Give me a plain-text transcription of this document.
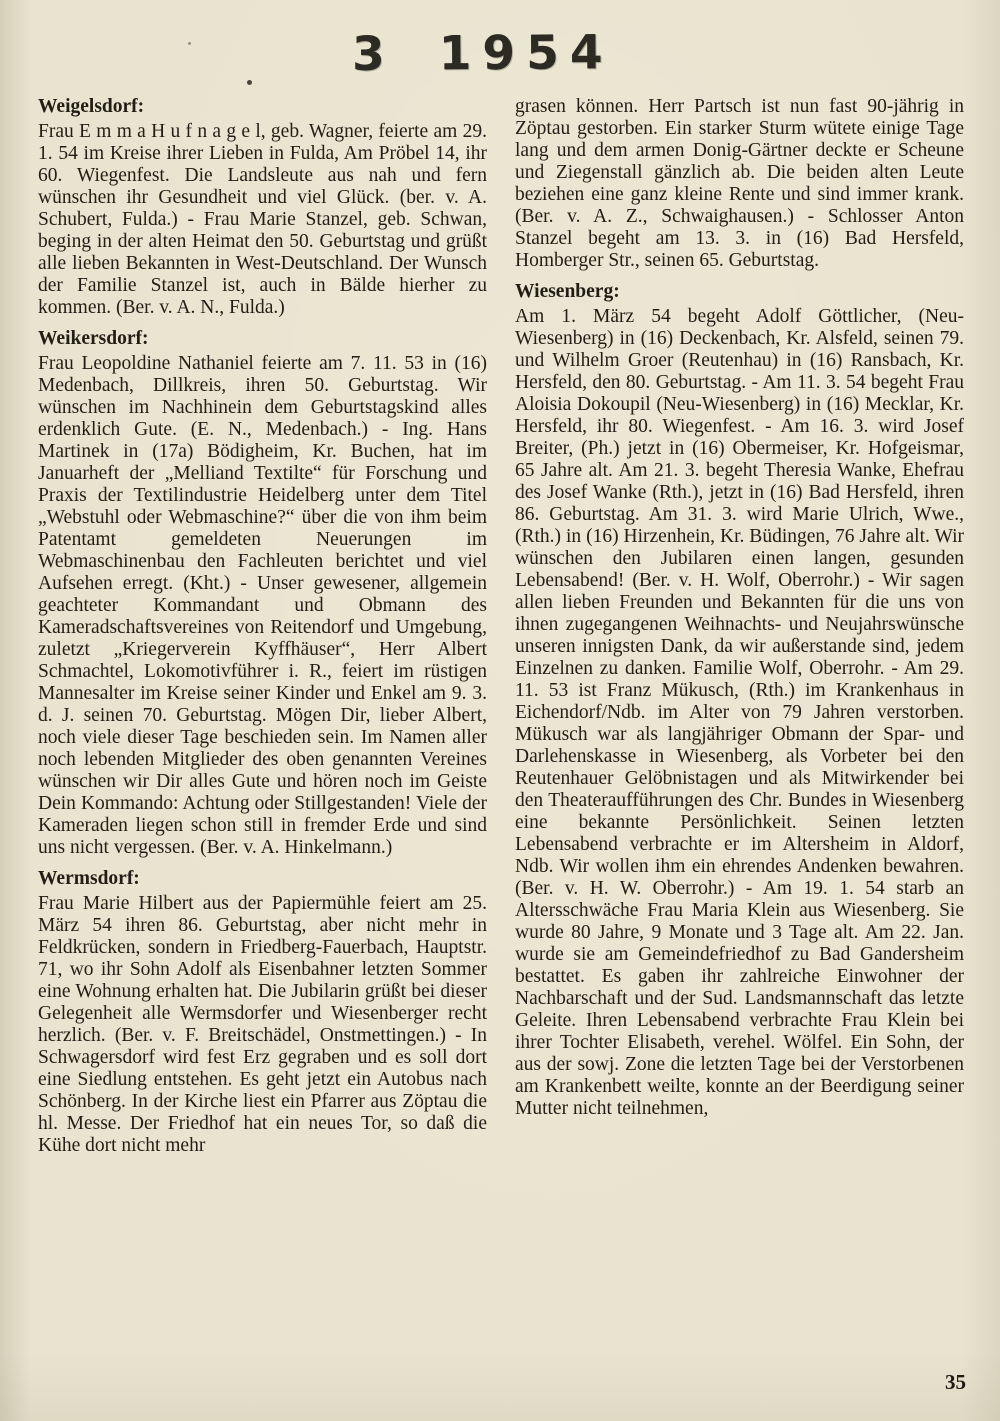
3 1954
Weigelsdorf:

Frau E m m a H u f n a g e l, geb. Wagner, feierte am 29. 1. 54 im Kreise ihrer Lieben in Fulda, Am Pröbel 14, ihr 60. Wiegenfest. Die Landsleute aus nah und fern wünschen ihr Gesundheit und viel Glück. (ber. v. A. Schubert, Fulda.) - Frau Marie Stanzel, geb. Schwan, beging in der alten Heimat den 50. Geburtstag und grüßt alle lieben Bekannten in West-Deutschland. Der Wunsch der Familie Stanzel ist, auch in Bälde hierher zu kommen. (Ber. v. A. N., Fulda.)

Weikersdorf:

Frau Leopoldine Nathaniel feierte am 7. 11. 53 in (16) Medenbach, Dillkreis, ihren 50. Geburtstag. Wir wünschen im Nachhinein dem Geburtstagskind alles erdenklich Gute. (E. N., Medenbach.) - Ing. Hans Martinek in (17a) Bödigheim, Kr. Buchen, hat im Januarheft der „Melliand Textilte“ für Forschung und Praxis der Textilindustrie Heidelberg unter dem Titel „Webstuhl oder Webmaschine?“ über die von ihm beim Patentamt gemeldeten Neuerungen im Webmaschinenbau den Fachleuten berichtet und viel Aufsehen erregt. (Kht.) - Unser gewesener, allgemein geachteter Kommandant und Obmann des Kameradschaftsvereines von Reitendorf und Umgebung, zuletzt „Kriegerverein Kyffhäuser“, Herr Albert Schmachtel, Lokomotivführer i. R., feiert im rüstigen Mannesalter im Kreise seiner Kinder und Enkel am 9. 3. d. J. seinen 70. Geburtstag. Mögen Dir, lieber Albert, noch viele dieser Tage beschieden sein. Im Namen aller noch lebenden Mitglieder des oben genannten Vereines wünschen wir Dir alles Gute und hören noch im Geiste Dein Kommando: Achtung oder Stillgestanden! Viele der Kameraden liegen schon still in fremder Erde und sind uns nicht vergessen. (Ber. v. A. Hinkelmann.)

Wermsdorf:

Frau Marie Hilbert aus der Papiermühle feiert am 25. März 54 ihren 86. Geburtstag, aber nicht mehr in Feldkrücken, sondern in Friedberg-Fauerbach, Hauptstr. 71, wo ihr Sohn Adolf als Eisenbahner letzten Sommer eine Wohnung erhalten hat. Die Jubilarin grüßt bei dieser Gelegenheit alle Wermsdorfer und Wiesenberger recht herzlich. (Ber. v. F. Breitschädel, Onstmettingen.) - In Schwagersdorf wird fest Erz gegraben und es soll dort eine Siedlung entstehen. Es geht jetzt ein Autobus nach Schönberg. In der Kirche liest ein Pfarrer aus Zöptau die hl. Messe. Der Friedhof hat ein neues Tor, so daß die Kühe dort nicht mehr

grasen können. Herr Partsch ist nun fast 90-jährig in Zöptau gestorben. Ein starker Sturm wütete einige Tage lang und dem armen Donig-Gärtner deckte er Scheune und Ziegenstall gänzlich ab. Die beiden alten Leute beziehen eine ganz kleine Rente und sind immer krank. (Ber. v. A. Z., Schwaighausen.) - Schlosser Anton Stanzel begeht am 13. 3. in (16) Bad Hersfeld, Homberger Str., seinen 65. Geburtstag.

Wiesenberg:

Am 1. März 54 begeht Adolf Göttlicher, (Neu-Wiesenberg) in (16) Deckenbach, Kr. Alsfeld, seinen 79. und Wilhelm Groer (Reutenhau) in (16) Ransbach, Kr. Hersfeld, den 80. Geburtstag. - Am 11. 3. 54 begeht Frau Aloisia Dokoupil (Neu-Wiesenberg) in (16) Mecklar, Kr. Hersfeld, ihr 80. Wiegenfest. - Am 16. 3. wird Josef Breiter, (Ph.) jetzt in (16) Obermeiser, Kr. Hofgeismar, 65 Jahre alt. Am 21. 3. begeht Theresia Wanke, Ehefrau des Josef Wanke (Rth.), jetzt in (16) Bad Hersfeld, ihren 86. Geburtstag. Am 31. 3. wird Marie Ulrich, Wwe., (Rth.) in (16) Hirzenhein, Kr. Büdingen, 76 Jahre alt. Wir wünschen den Jubilaren einen langen, gesunden Lebensabend! (Ber. v. H. Wolf, Oberrohr.) - Wir sagen allen lieben Freunden und Bekannten für die uns von ihnen zugegangenen Weihnachts- und Neujahrswünsche unseren innigsten Dank, da wir außerstande sind, jedem Einzelnen zu danken. Familie Wolf, Oberrohr. - Am 29. 11. 53 ist Franz Mükusch, (Rth.) im Krankenhaus in Eichendorf/Ndb. im Alter von 79 Jahren verstorben. Mükusch war als langjähriger Obmann der Spar- und Darlehenskasse in Wiesenberg, als Vorbeter bei den Reutenhauer Gelöbnistagen und als Mitwirkender bei den Theateraufführungen des Chr. Bundes in Wiesenberg eine bekannte Persönlichkeit. Seinen letzten Lebensabend verbrachte er im Altersheim in Aldorf, Ndb. Wir wollen ihm ein ehrendes Andenken bewahren. (Ber. v. H. W. Oberrohr.) - Am 19. 1. 54 starb an Altersschwäche Frau Maria Klein aus Wiesenberg. Sie wurde 80 Jahre, 9 Monate und 3 Tage alt. Am 22. Jan. wurde sie am Gemeindefriedhof zu Bad Gandersheim bestattet. Es gaben ihr zahlreiche Einwohner der Nachbarschaft und der Sud. Landsmannschaft das letzte Geleite. Ihren Lebensabend verbrachte Frau Klein bei ihrer Tochter Elisabeth, verehel. Wölfel. Ein Sohn, der aus der sowj. Zone die letzten Tage bei der Verstorbenen am Krankenbett weilte, konnte an der Beerdigung seiner Mutter nicht teilnehmen,

35
